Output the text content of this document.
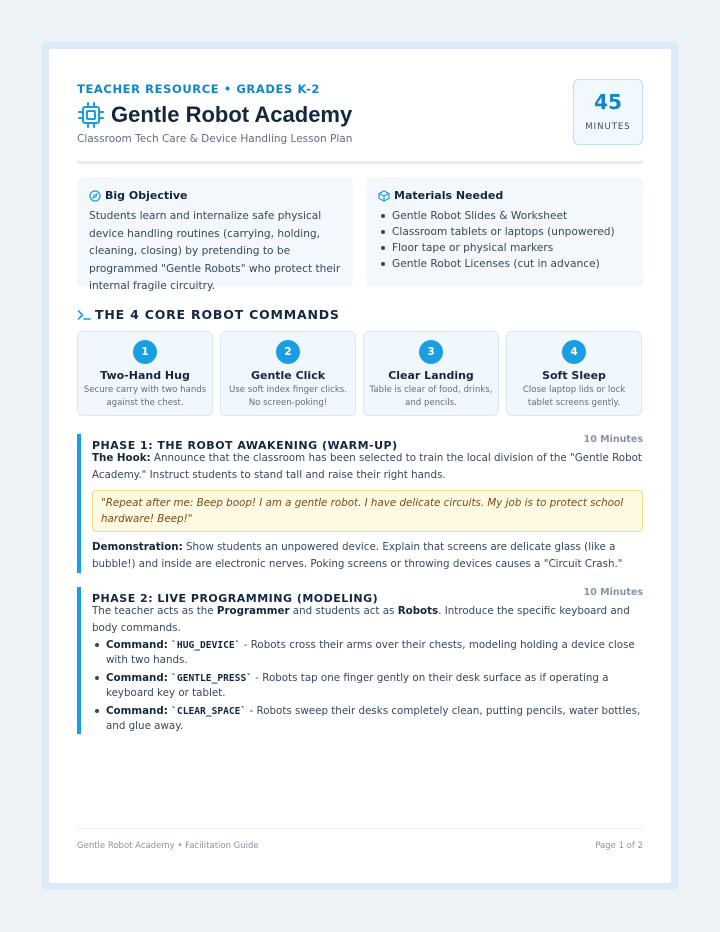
TEACHER RESOURCE • GRADES K-2
Gentle Robot Academy
Classroom Tech Care & Device Handling Lesson Plan
45
MINUTES
Big Objective
Students learn and internalize safe physical device handling routines (carrying, holding, cleaning, closing) by pretending to be programmed "Gentle Robots" who protect their internal fragile circuitry.
Materials Needed
Gentle Robot Slides & Worksheet
Classroom tablets or laptops (unpowered)
Floor tape or physical markers
Gentle Robot Licenses (cut in advance)
THE 4 CORE ROBOT COMMANDS
1
Two-Hand Hug
Secure carry with two hands against the chest.
2
Gentle Click
Use soft index finger clicks. No screen-poking!
3
Clear Landing
Table is clear of food, drinks, and pencils.
4
Soft Sleep
Close laptop lids or lock tablet screens gently.
PHASE 1: THE ROBOT AWAKENING (WARM-UP)	10 Minutes

The Hook: Announce that the classroom has been selected to train the local division of the "Gentle Robot Academy." Instruct students to stand tall and raise their right hands.

"Repeat after me: Beep boop! I am a gentle robot. I have delicate circuits. My job is to protect school hardware! Beep!"

Demonstration: Show students an unpowered device. Explain that screens are delicate glass (like a bubble!) and inside are electronic nerves. Poking screens or throwing devices causes a "Circuit Crash."

PHASE 2: LIVE PROGRAMMING (MODELING)	10 Minutes

The teacher acts as the Programmer and students act as Robots. Introduce the specific keyboard and body commands.

Command: `HUG_DEVICE` - Robots cross their arms over their chests, modeling holding a device close with two hands.
Command: `GENTLE_PRESS` - Robots tap one finger gently on their desk surface as if operating a keyboard key or tablet.
Command: `CLEAR_SPACE` - Robots sweep their desks completely clean, putting pencils, water bottles, and glue away.
Gentle Robot Academy • Facilitation Guide	Page 1 of 2
